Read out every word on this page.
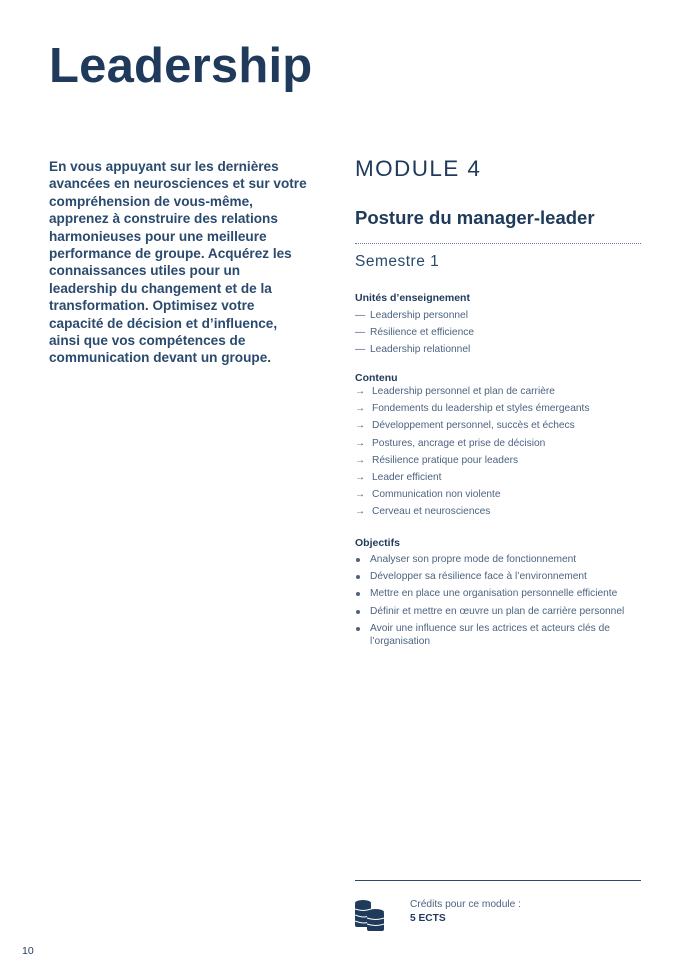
Leadership

En vous appuyant sur les dernières avancées en neurosciences et sur votre compréhension de vous-même, apprenez à construire des relations harmonieuses pour une meilleure performance de groupe. Acquérez les connaissances utiles pour un leadership du changement et de la transformation. Optimisez votre capacité de décision et d’influence, ainsi que vos compétences de communication devant un groupe.

MODULE 4

Posture du manager-leader

Semestre 1

Unités d’enseignement

— Leadership personnel
— Résilience et efficience
— Leadership relationnel

Contenu

→ Leadership personnel et plan de carrière
→ Fondements du leadership et styles émergeants
→ Développement personnel, succès et échecs
→ Postures, ancrage et prise de décision
→ Résilience pratique pour leaders
→ Leader efficient
→ Communication non violente
→ Cerveau et neurosciences

Objectifs

Analyser son propre mode de fonctionnement
Développer sa résilience face à l’environnement
Mettre en place une organisation personnelle efficiente
Définir et mettre en œuvre un plan de carrière personnel
Avoir une influence sur les actrices et acteurs clés de l’organisation

Crédits pour ce module :

5 ECTS

10
